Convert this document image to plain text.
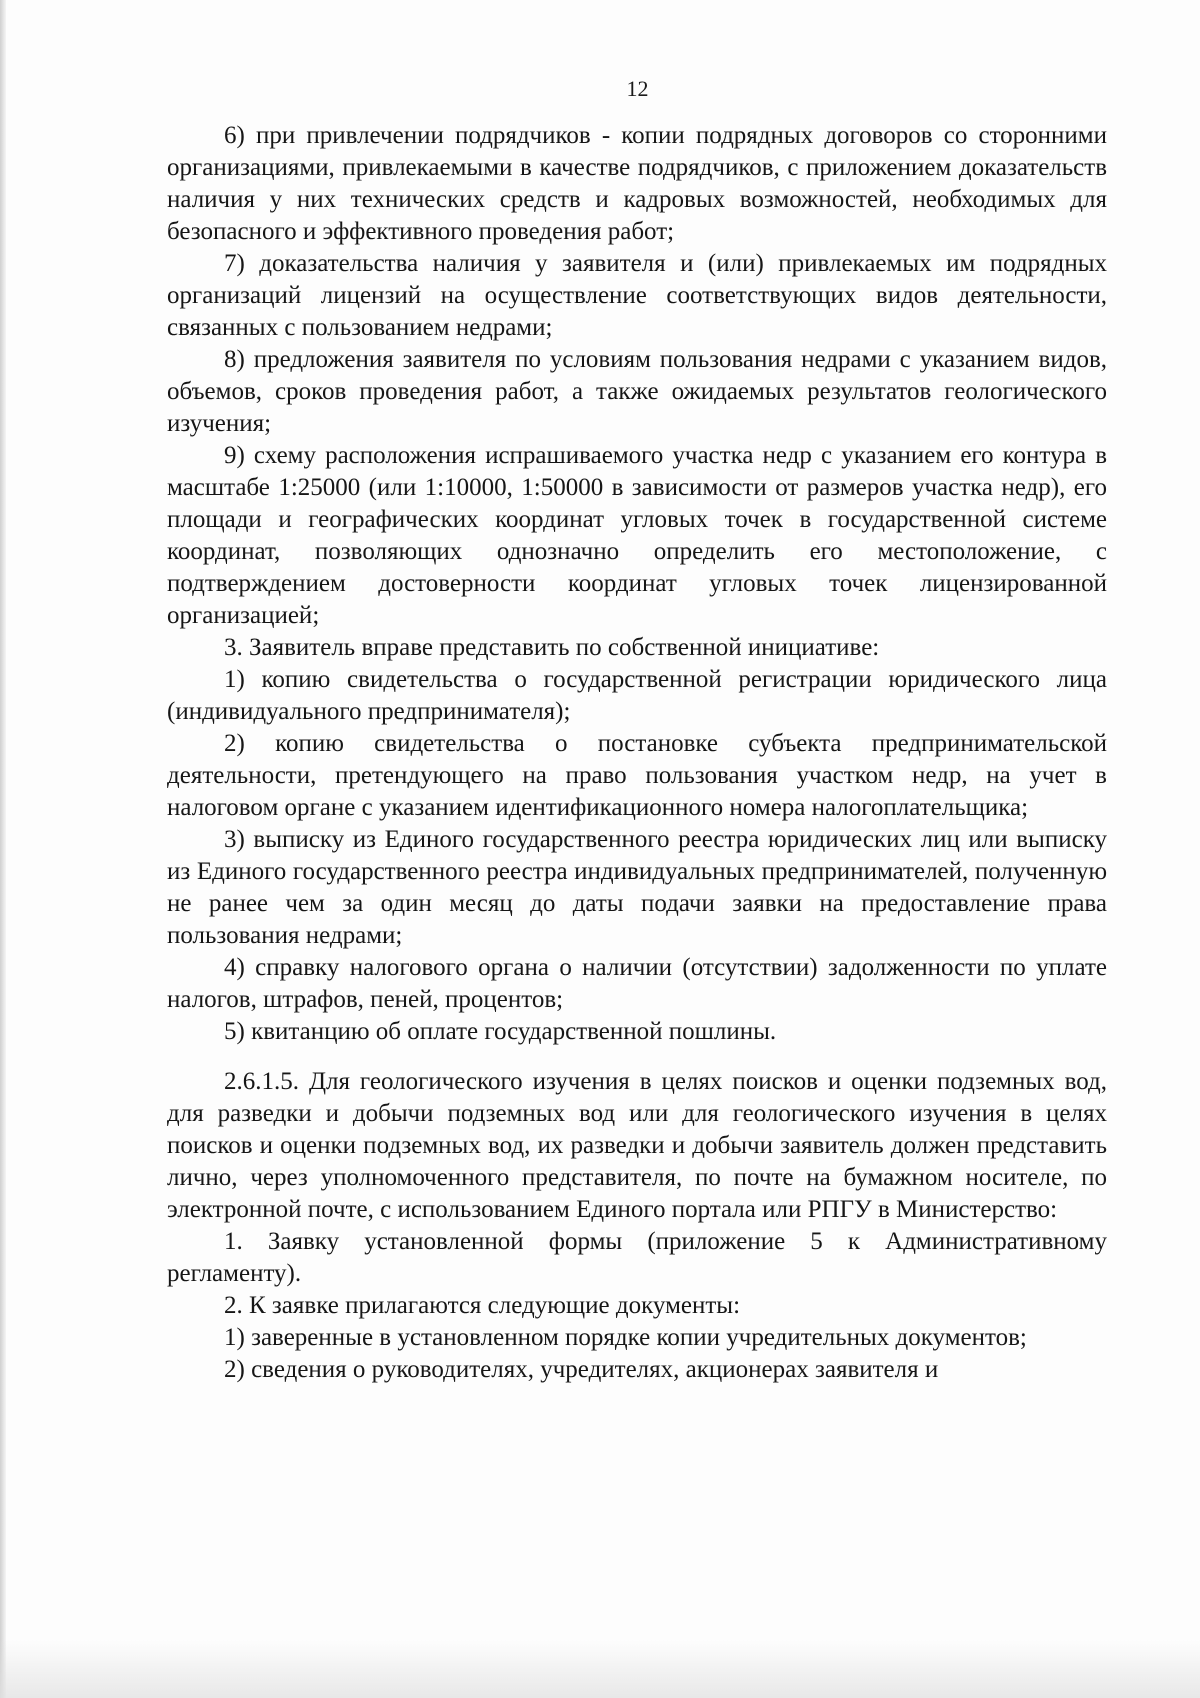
12

6) при привлечении подрядчиков - копии подрядных договоров со сторонними организациями, привлекаемыми в качестве подрядчиков, с приложением доказательств наличия у них технических средств и кадровых возможностей, необходимых для безопасного и эффективного проведения работ;

7) доказательства наличия у заявителя и (или) привлекаемых им подрядных организаций лицензий на осуществление соответствующих видов деятельности, связанных с пользованием недрами;

8) предложения заявителя по условиям пользования недрами с указанием видов, объемов, сроков проведения работ, а также ожидаемых результатов геологического изучения;

9) схему расположения испрашиваемого участка недр с указанием его контура в масштабе 1:25000 (или 1:10000, 1:50000 в зависимости от размеров участка недр), его площади и географических координат угловых точек в государственной системе координат, позволяющих однозначно определить его местоположение, с подтверждением достоверности координат угловых точек лицензированной организацией;

3. Заявитель вправе представить по собственной инициативе:

1) копию свидетельства о государственной регистрации юридического лица (индивидуального предпринимателя);

2) копию свидетельства о постановке субъекта предпринимательской деятельности, претендующего на право пользования участком недр, на учет в налоговом органе с указанием идентификационного номера налогоплательщика;

3) выписку из Единого государственного реестра юридических лиц или выписку из Единого государственного реестра индивидуальных предпринимателей, полученную не ранее чем за один месяц до даты подачи заявки на предоставление права пользования недрами;

4) справку налогового органа о наличии (отсутствии) задолженности по уплате налогов, штрафов, пеней, процентов;

5) квитанцию об оплате государственной пошлины.

2.6.1.5. Для геологического изучения в целях поисков и оценки подземных вод, для разведки и добычи подземных вод или для геологического изучения в целях поисков и оценки подземных вод, их разведки и добычи заявитель должен представить лично, через уполномоченного представителя, по почте на бумажном носителе, по электронной почте, с использованием Единого портала или РПГУ в Министерство:

1. Заявку установленной формы (приложение 5 к Административному регламенту).

2. К заявке прилагаются следующие документы:

1) заверенные в установленном порядке копии учредительных документов;

2) сведения о руководителях, учредителях, акционерах заявителя и
